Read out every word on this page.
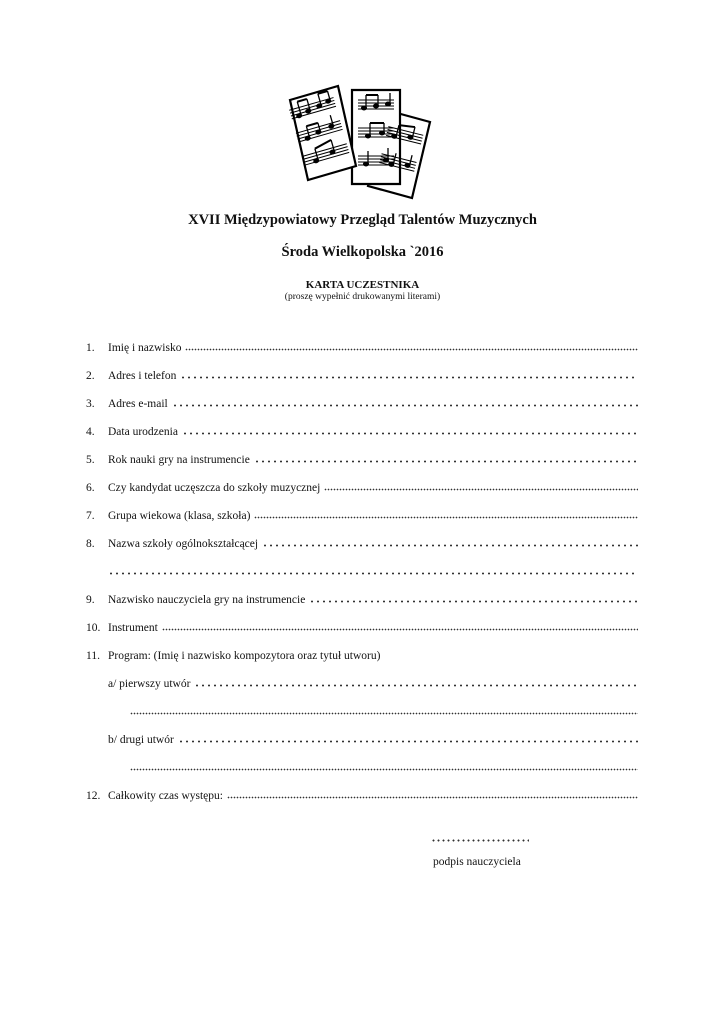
XVII Międzypowiatowy Przegląd Talentów Muzycznych
Środa Wielkopolska `2016
KARTA UCZESTNIKA
(proszę wypełnić drukowanymi literami)
1.	Imię i nazwisko
2.	Adres i telefon
3.	Adres e-mail
4.	Data urodzenia
5.	Rok nauki gry na instrumencie
6.	Czy kandydat uczęszcza do szkoły muzycznej
7.	Grupa wiekowa (klasa, szkoła)
8.	Nazwa szkoły ogólnokształcącej
9.	Nazwisko nauczyciela gry na instrumencie
10. Instrument
11. Program: (Imię i nazwisko kompozytora oraz tytuł utworu)
a/ pierwszy utwór
b/ drugi utwór
12. Całkowity czas występu:
podpis nauczyciela
